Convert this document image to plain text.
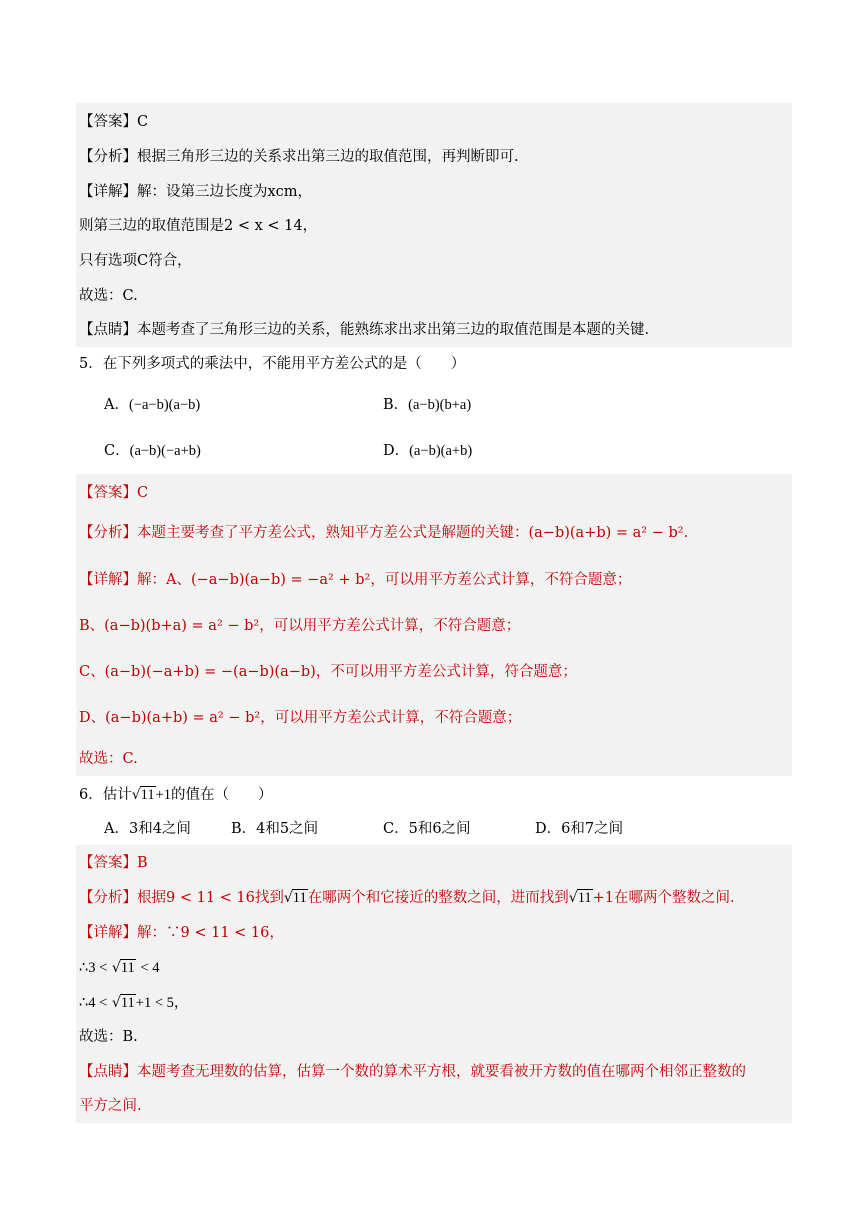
【答案】C
【分析】根据三角形三边的关系求出第三边的取值范围，再判断即可.
【详解】解：设第三边长度为xcm，
则第三边的取值范围是2 < x < 14，
只有选项C符合，
故选：C.
【点睛】本题考查了三角形三边的关系，能熟练求出求出第三边的取值范围是本题的关键.
5．在下列多项式的乘法中，不能用平方差公式的是（　　）
A．(−a−b)(a−b)	B．(a−b)(b+a)
C．(a−b)(−a+b)	D．(a−b)(a+b)
【答案】C
【分析】本题主要考查了平方差公式，熟知平方差公式是解题的关键：(a−b)(a+b) = a² − b².
【详解】解：A、(−a−b)(a−b) = −a² + b²，可以用平方差公式计算，不符合题意；
B、(a−b)(b+a) = a² − b²，可以用平方差公式计算，不符合题意；
C、(a−b)(−a+b) = −(a−b)(a−b)，不可以用平方差公式计算，符合题意；
D、(a−b)(a+b) = a² − b²，可以用平方差公式计算，不符合题意；
故选：C.
6．估计√11+1的值在（　　）
A．3和4之间	B．4和5之间	C．5和6之间	D．6和7之间
【答案】B
【分析】根据9 < 11 < 16找到√11在哪两个和它接近的整数之间，进而找到√11+1在哪两个整数之间.
【详解】解：∵9 < 11 < 16，
∴3 < √11 < 4
∴4 < √11+1 < 5，
故选：B.
【点睛】本题考查无理数的估算，估算一个数的算术平方根，就要看被开方数的值在哪两个相邻正整数的
平方之间.
